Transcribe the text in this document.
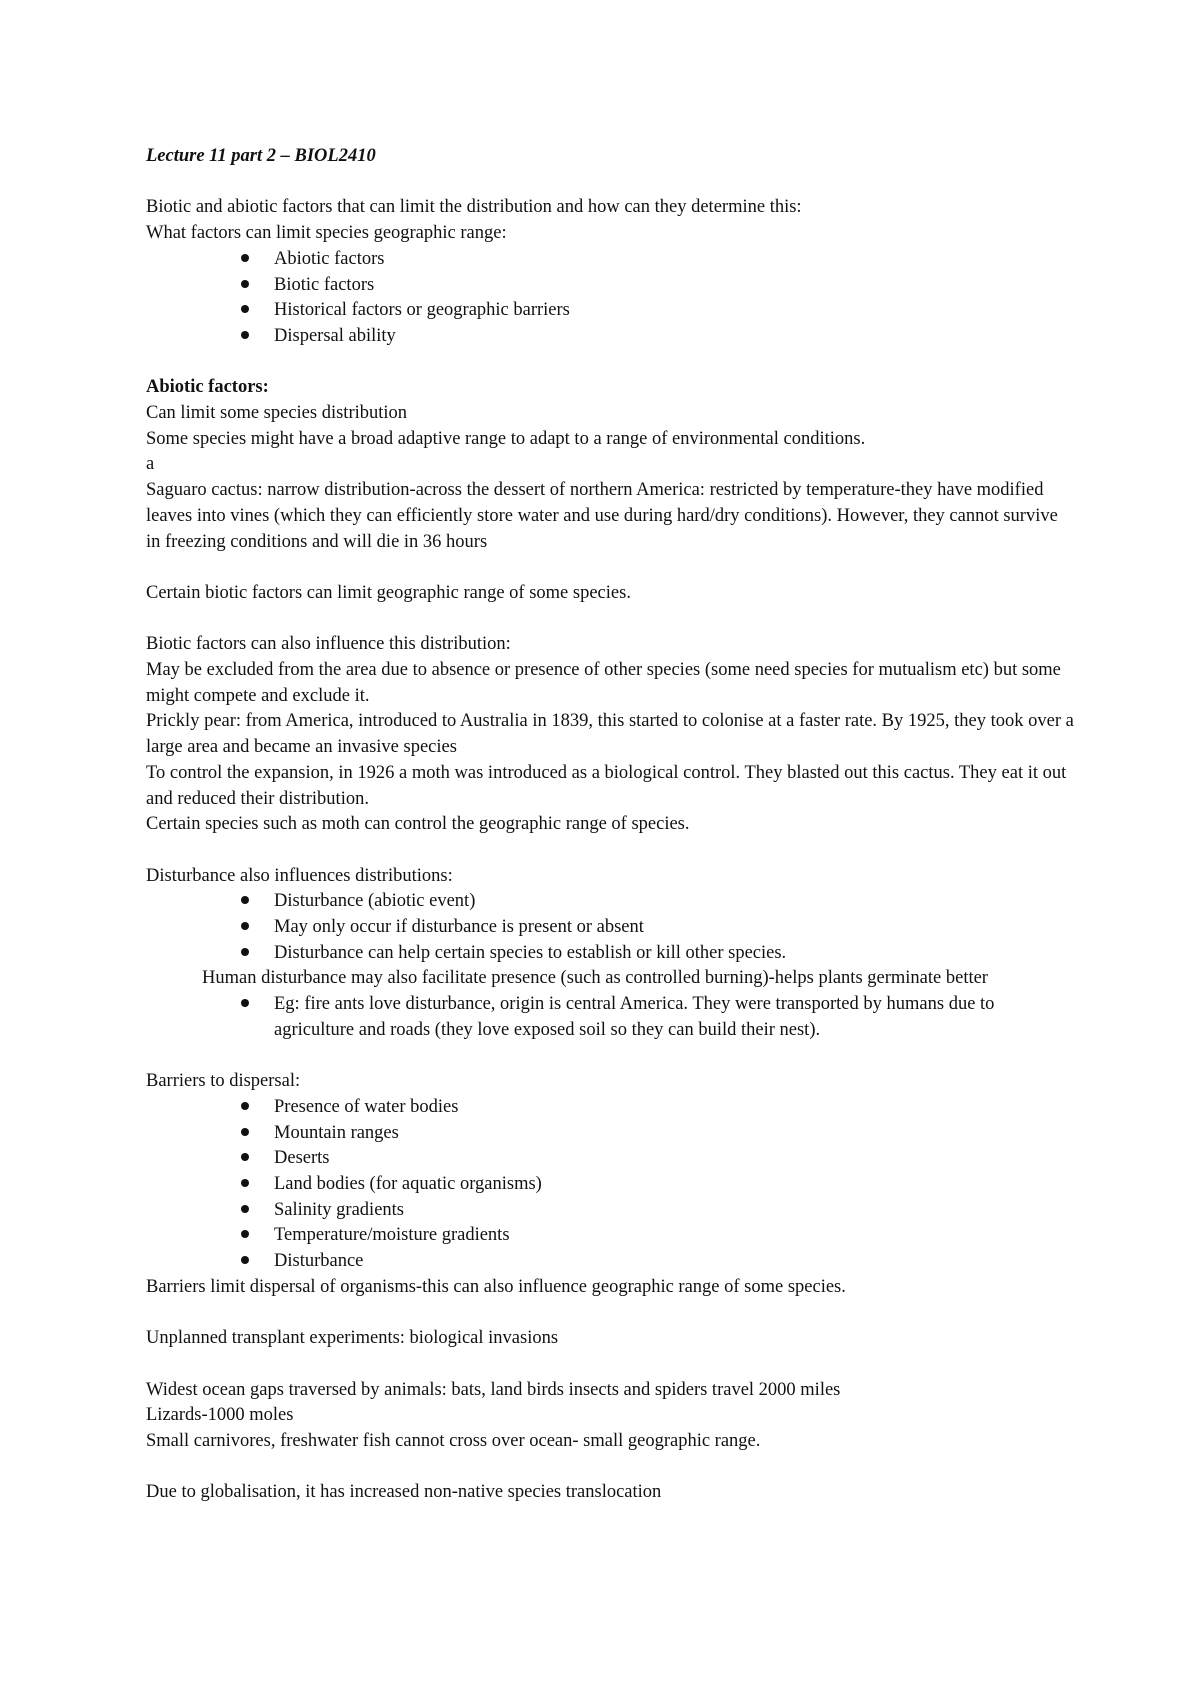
Lecture 11 part 2 – BIOL2410

Biotic and abiotic factors that can limit the distribution and how can they determine this:

What factors can limit species geographic range:

Abiotic factors
Biotic factors
Historical factors or geographic barriers
Dispersal ability

Abiotic factors:

Can limit some species distribution

Some species might have a broad adaptive range to adapt to a range of environmental conditions.

a

Saguaro cactus: narrow distribution-across the dessert of northern America: restricted by temperature-they have modified leaves into vines (which they can efficiently store water and use during hard/dry conditions). However, they cannot survive in freezing conditions and will die in 36 hours

Certain biotic factors can limit geographic range of some species.

Biotic factors can also influence this distribution:

May be excluded from the area due to absence or presence of other species (some need species for mutualism etc) but some might compete and exclude it.

Prickly pear: from America, introduced to Australia in 1839, this started to colonise at a faster rate. By 1925, they took over a large area and became an invasive species

To control the expansion, in 1926 a moth was introduced as a biological control. They blasted out this cactus. They eat it out and reduced their distribution.

Certain species such as moth can control the geographic range of species.

Disturbance also influences distributions:

Disturbance (abiotic event)
May only occur if disturbance is present or absent
Disturbance can help certain species to establish or kill other species.

Human disturbance may also facilitate presence (such as controlled burning)-helps plants germinate better

Eg: fire ants love disturbance, origin is central America. They were transported by humans due to agriculture and roads (they love exposed soil so they can build their nest).

Barriers to dispersal:

Presence of water bodies
Mountain ranges
Deserts
Land bodies (for aquatic organisms)
Salinity gradients
Temperature/moisture gradients
Disturbance

Barriers limit dispersal of organisms-this can also influence geographic range of some species.

Unplanned transplant experiments: biological invasions

Widest ocean gaps traversed by animals: bats, land birds insects and spiders travel 2000 miles

Lizards-1000 moles

Small carnivores, freshwater fish cannot cross over ocean- small geographic range.

Due to globalisation, it has increased non-native species translocation
